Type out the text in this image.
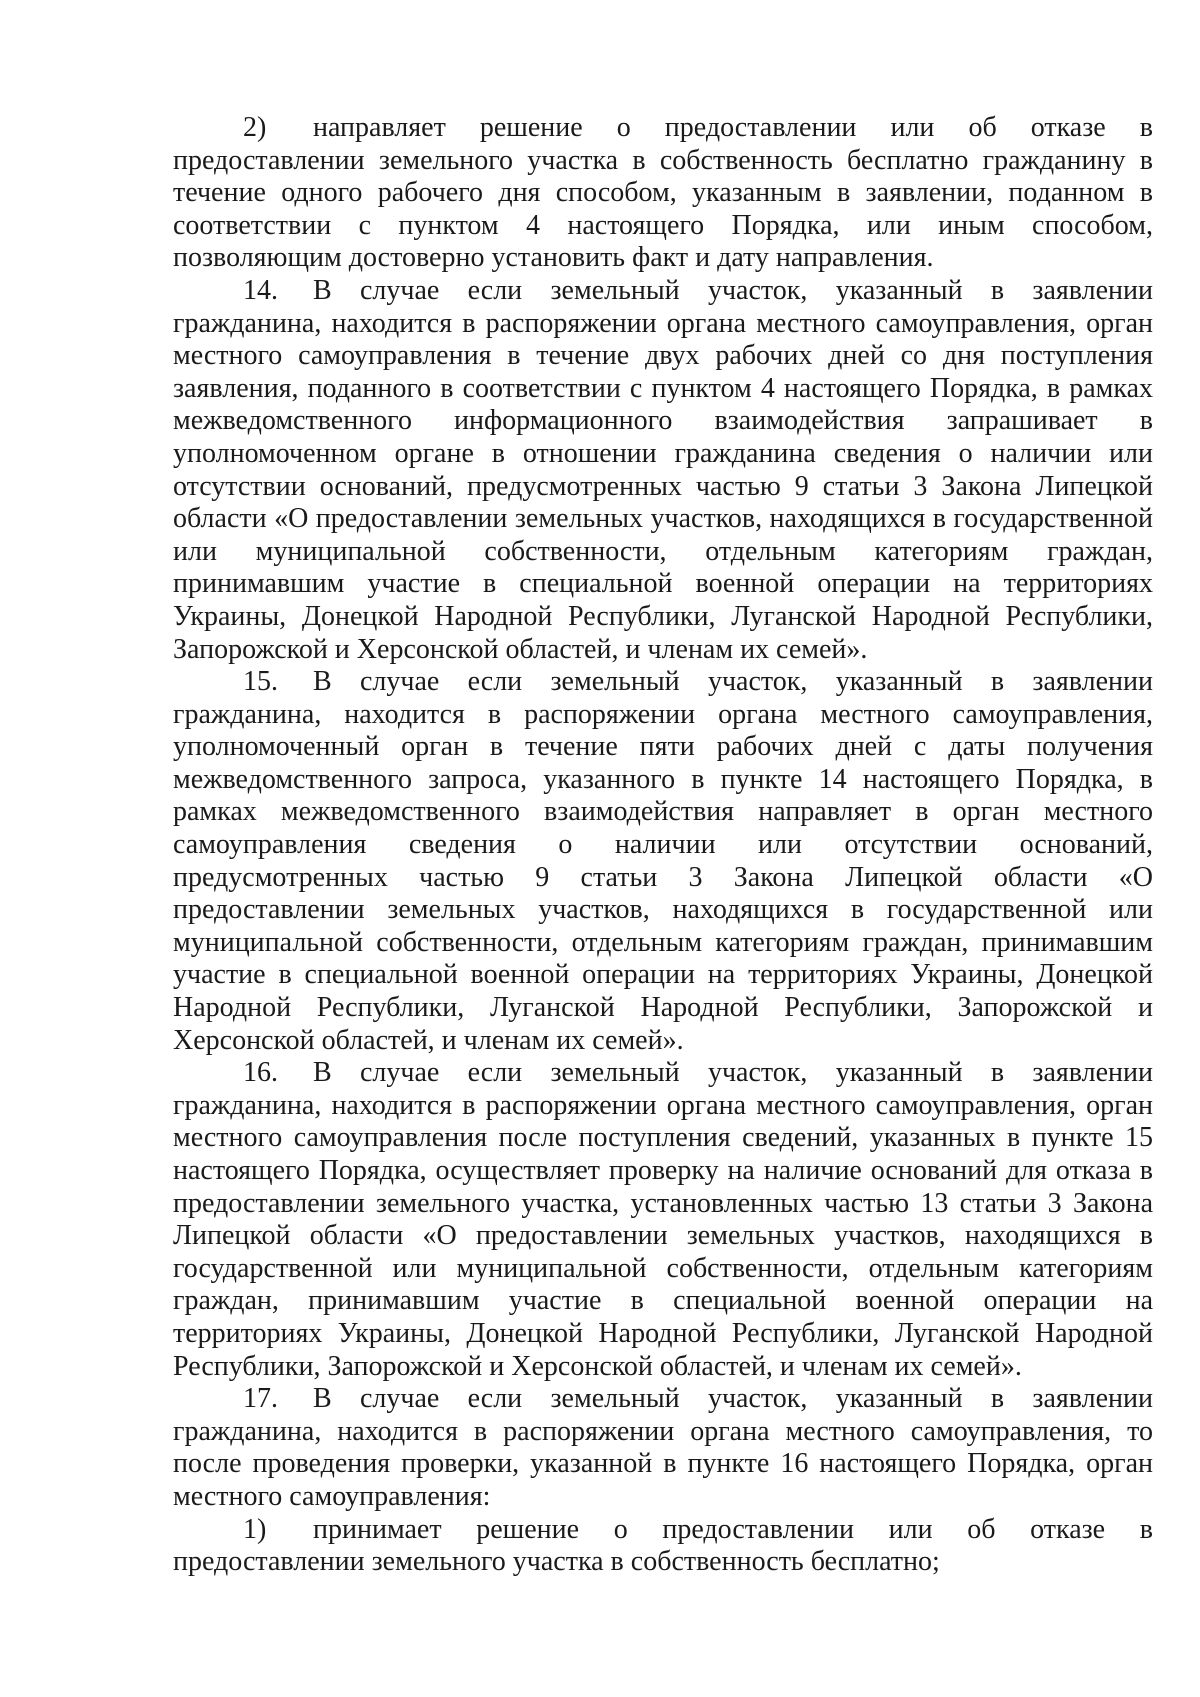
2) направляет решение о предоставлении или об отказе в предоставлении земельного участка в собственность бесплатно гражданину в течение одного рабочего дня способом, указанным в заявлении, поданном в соответствии с пунктом 4 настоящего Порядка, или иным способом, позволяющим достоверно установить факт и дату направления.

14. В случае если земельный участок, указанный в заявлении гражданина, находится в распоряжении органа местного самоуправления, орган местного самоуправления в течение двух рабочих дней со дня поступления заявления, поданного в соответствии с пунктом 4 настоящего Порядка, в рамках межведомственного информационного взаимодействия запрашивает в уполномоченном органе в отношении гражданина сведения о наличии или отсутствии оснований, предусмотренных частью 9 статьи 3 Закона Липецкой области «О предоставлении земельных участков, находящихся в государственной или муниципальной собственности, отдельным категориям граждан, принимавшим участие в специальной военной операции на территориях Украины, Донецкой Народной Республики, Луганской Народной Республики, Запорожской и Херсонской областей, и членам их семей».

15. В случае если земельный участок, указанный в заявлении гражданина, находится в распоряжении органа местного самоуправления, уполномоченный орган в течение пяти рабочих дней с даты получения межведомственного запроса, указанного в пункте 14 настоящего Порядка, в рамках межведомственного взаимодействия направляет в орган местного самоуправления сведения о наличии или отсутствии оснований, предусмотренных частью 9 статьи 3 Закона Липецкой области «О предоставлении земельных участков, находящихся в государственной или муниципальной собственности, отдельным категориям граждан, принимавшим участие в специальной военной операции на территориях Украины, Донецкой Народной Республики, Луганской Народной Республики, Запорожской и Херсонской областей, и членам их семей».

16. В случае если земельный участок, указанный в заявлении гражданина, находится в распоряжении органа местного самоуправления, орган местного самоуправления после поступления сведений, указанных в пункте 15 настоящего Порядка, осуществляет проверку на наличие оснований для отказа в предоставлении земельного участка, установленных частью 13 статьи 3 Закона Липецкой области «О предоставлении земельных участков, находящихся в государственной или муниципальной собственности, отдельным категориям граждан, принимавшим участие в специальной военной операции на территориях Украины, Донецкой Народной Республики, Луганской Народной Республики, Запорожской и Херсонской областей, и членам их семей».

17. В случае если земельный участок, указанный в заявлении гражданина, находится в распоряжении органа местного самоуправления, то после проведения проверки, указанной в пункте 16 настоящего Порядка, орган местного самоуправления:

1) принимает решение о предоставлении или об отказе в предоставлении земельного участка в собственность бесплатно;
